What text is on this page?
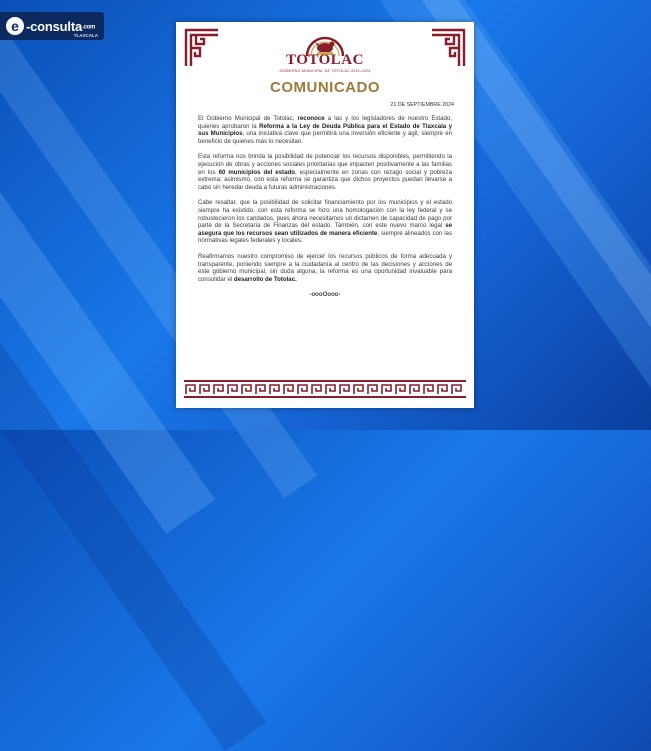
e -consulta.com
TLAXCALA
TOTOLAC
GOBIERNO MUNICIPAL DE TOTOLAC 2021-2024
COMUNICADO
21 DE SEPTIEMBRE 2024

El Gobierno Municipal de Totolac, reconoce a las y los legisladores de nuestro Estado, quienes aprobaron la Reforma a la Ley de Deuda Pública para el Estado de Tlaxcala y sus Municipios, una iniciativa clave que permitirá una inversión eficiente y ágil, siempre en beneficio de quienes más lo necesitan.

Esta reforma nos brinda la posibilidad de potenciar los recursos disponibles, permitiendo la ejecución de obras y acciones sociales prioritarias que impacten positivamente a las familias en los 60 municipios del estado, especialmente en zonas con rezago social y pobreza extrema; asimismo, con esta reforma se garantiza que dichos proyectos puedan llevarse a cabo sin heredar deuda a futuras administraciones.

Cabe resaltar, que la posibilidad de solicitar financiamiento por los municipios y el estado siempre ha existido, con esta reforma se hizo una homologación con la ley federal y se robustecieron los candados, pues ahora necesitamos un dictamen de capacidad de pago por parte de la Secretaría de Finanzas del estado. También, con este nuevo marco legal se asegura que los recursos sean utilizados de manera eficiente, siempre alineados con las normativas legales federales y locales.

Reafirmamos nuestro compromiso de ejercer los recursos públicos de forma adecuada y transparente, poniendo siempre a la ciudadanía al centro de las decisiones y acciones de este gobierno municipal, sin duda alguna, la reforma es una oportunidad invaluable para consolidar el desarrollo de Totolac.

-oooOooo-
